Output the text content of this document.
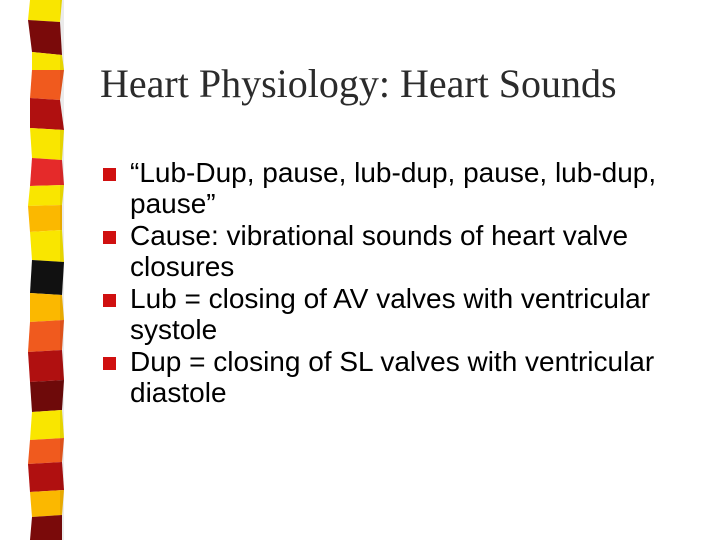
Heart Physiology: Heart Sounds
“Lub-Dup, pause, lub-dup, pause, lub-dup, pause”
Cause: vibrational sounds of heart valve closures
Lub = closing of AV valves with ventricular systole
Dup = closing of SL valves with ventricular diastole
